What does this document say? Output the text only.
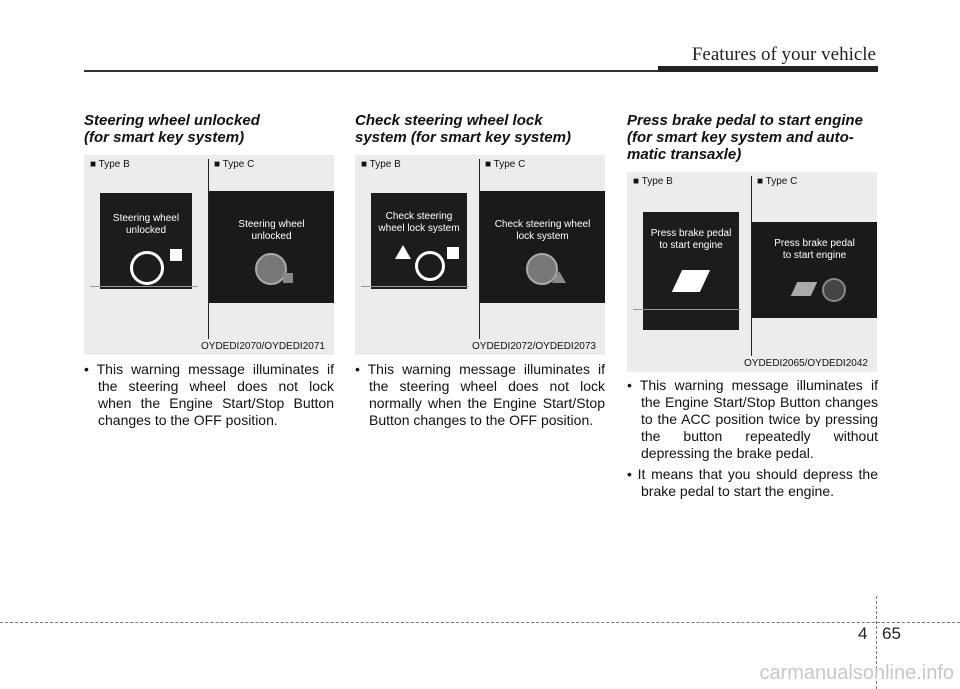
Features of your vehicle

Steering wheel unlocked

(for smart key system)

■ Type B	■ Type C
Steering wheel
unlocked
Steering wheel
unlocked
OYDEDI2070/OYDEDI2071
• This warning message illuminates if the steering wheel does not lock when the Engine Start/Stop Button changes to the OFF position.

Check steering wheel lock

system (for smart key system)

■ Type B	■ Type C
Check steering
wheel lock system	Check steering wheel
lock system
OYDEDI2072/OYDEDI2073
• This warning message illuminates if the steering wheel does not lock normally when the Engine Start/Stop Button changes to the OFF position.

Press brake pedal to start engine

(for smart key system and auto-

matic transaxle)

■ Type B	■ Type C
Press brake pedal
to start engine	Press brake pedal
to start engine
OYDEDI2065/OYDEDI2042
• This warning message illuminates if the Engine Start/Stop Button changes to the ACC position twice by pressing the button repeatedly without depressing the brake pedal.
• It means that you should depress the brake pedal to start the engine.
4 65
carmanualsonline.info
